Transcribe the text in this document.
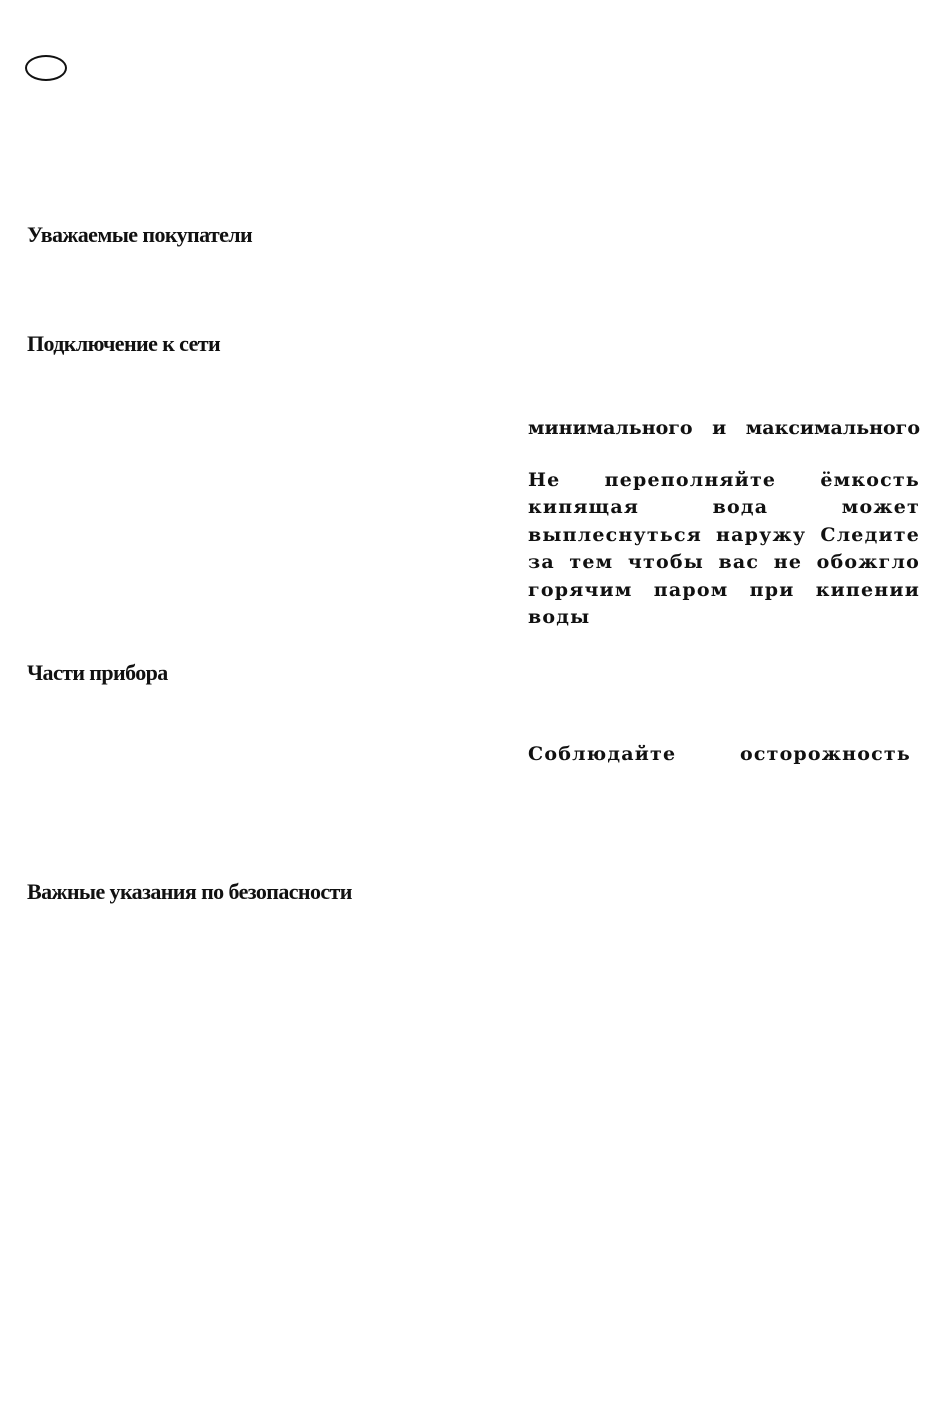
Уважаемые покупатели
Подключение к сети
Части прибора
Важные указания по безопасности

минимального и максимального

Не переполняйте ёмкость
кипящая вода может
выплеснуться наружу Следите
за тем чтобы вас не обожгло
горячим паром при кипении
воды

Соблюдайте осторожность
